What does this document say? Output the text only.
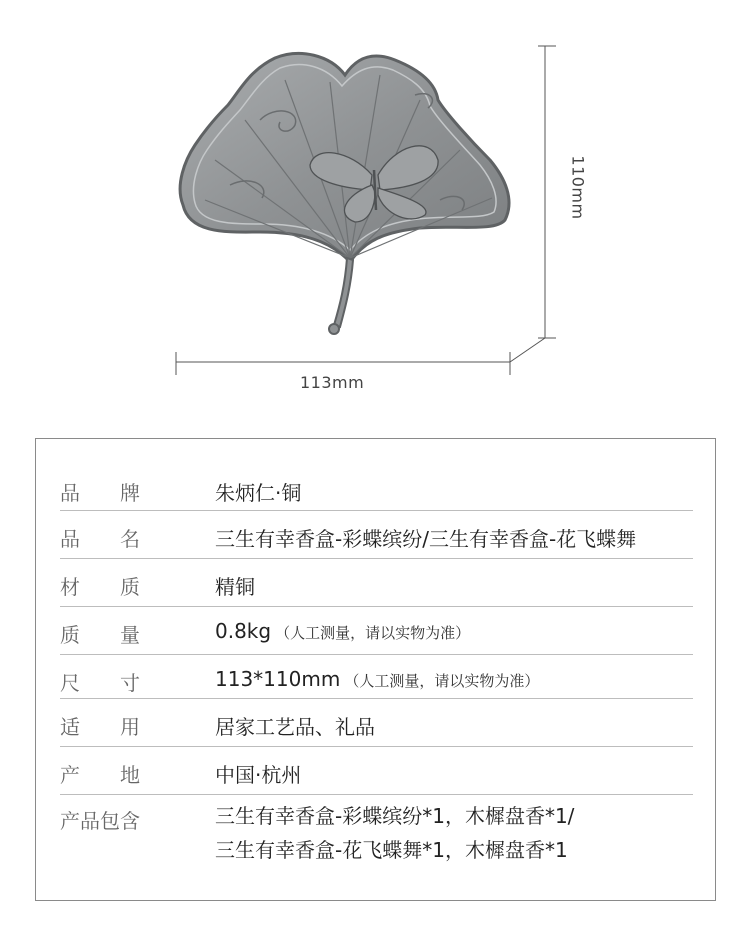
113mm
110mm
品　　牌	朱炳仁·铜
品　　名	三生有幸香盒-彩蝶缤纷/三生有幸香盒-花飞蝶舞
材　　质	精铜
质　　量	0.8kg （人工测量，请以实物为准）
尺　　寸	113*110mm （人工测量，请以实物为准）
适　　用	居家工艺品、礼品
产　　地	中国·杭州
产品包含	三生有幸香盒-彩蝶缤纷*1，木樨盘香*1/
三生有幸香盒-花飞蝶舞*1，木樨盘香*1
